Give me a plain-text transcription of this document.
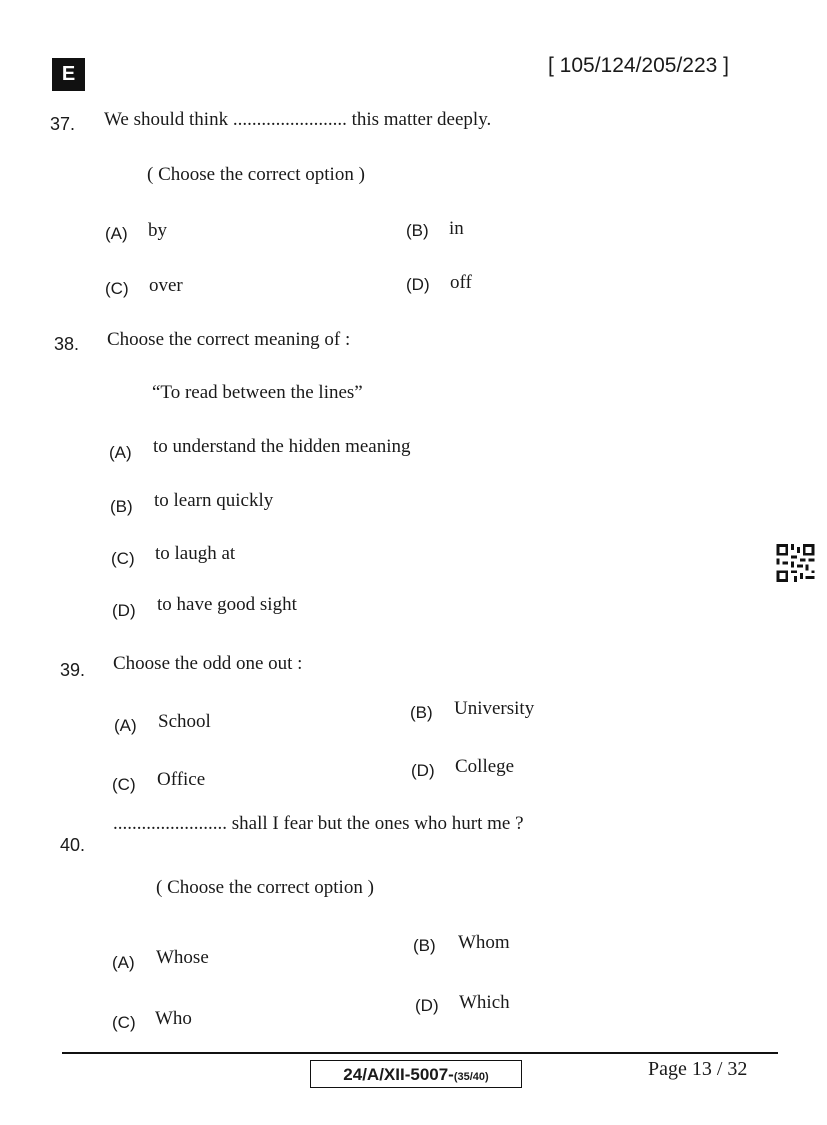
E	[ 105/124/205/223 ]
37. We should think ........................ this matter deeply.
( Choose the correct option )
(A) by	(B) in
(C) over	(D) off
38. Choose the correct meaning of :
“To read between the lines”
(A) to understand the hidden meaning
(B) to learn quickly
(C) to laugh at
(D) to have good sight
39. Choose the odd one out :
(A) School	(B) University
(C) Office	(D) College
40.
........................ shall I fear but the ones who hurt me ?
( Choose the correct option )
(A) Whose
(B) Whom
(C) Who
(D) Which
24/A/XII-5007-(35/40)	Page 13 / 32
